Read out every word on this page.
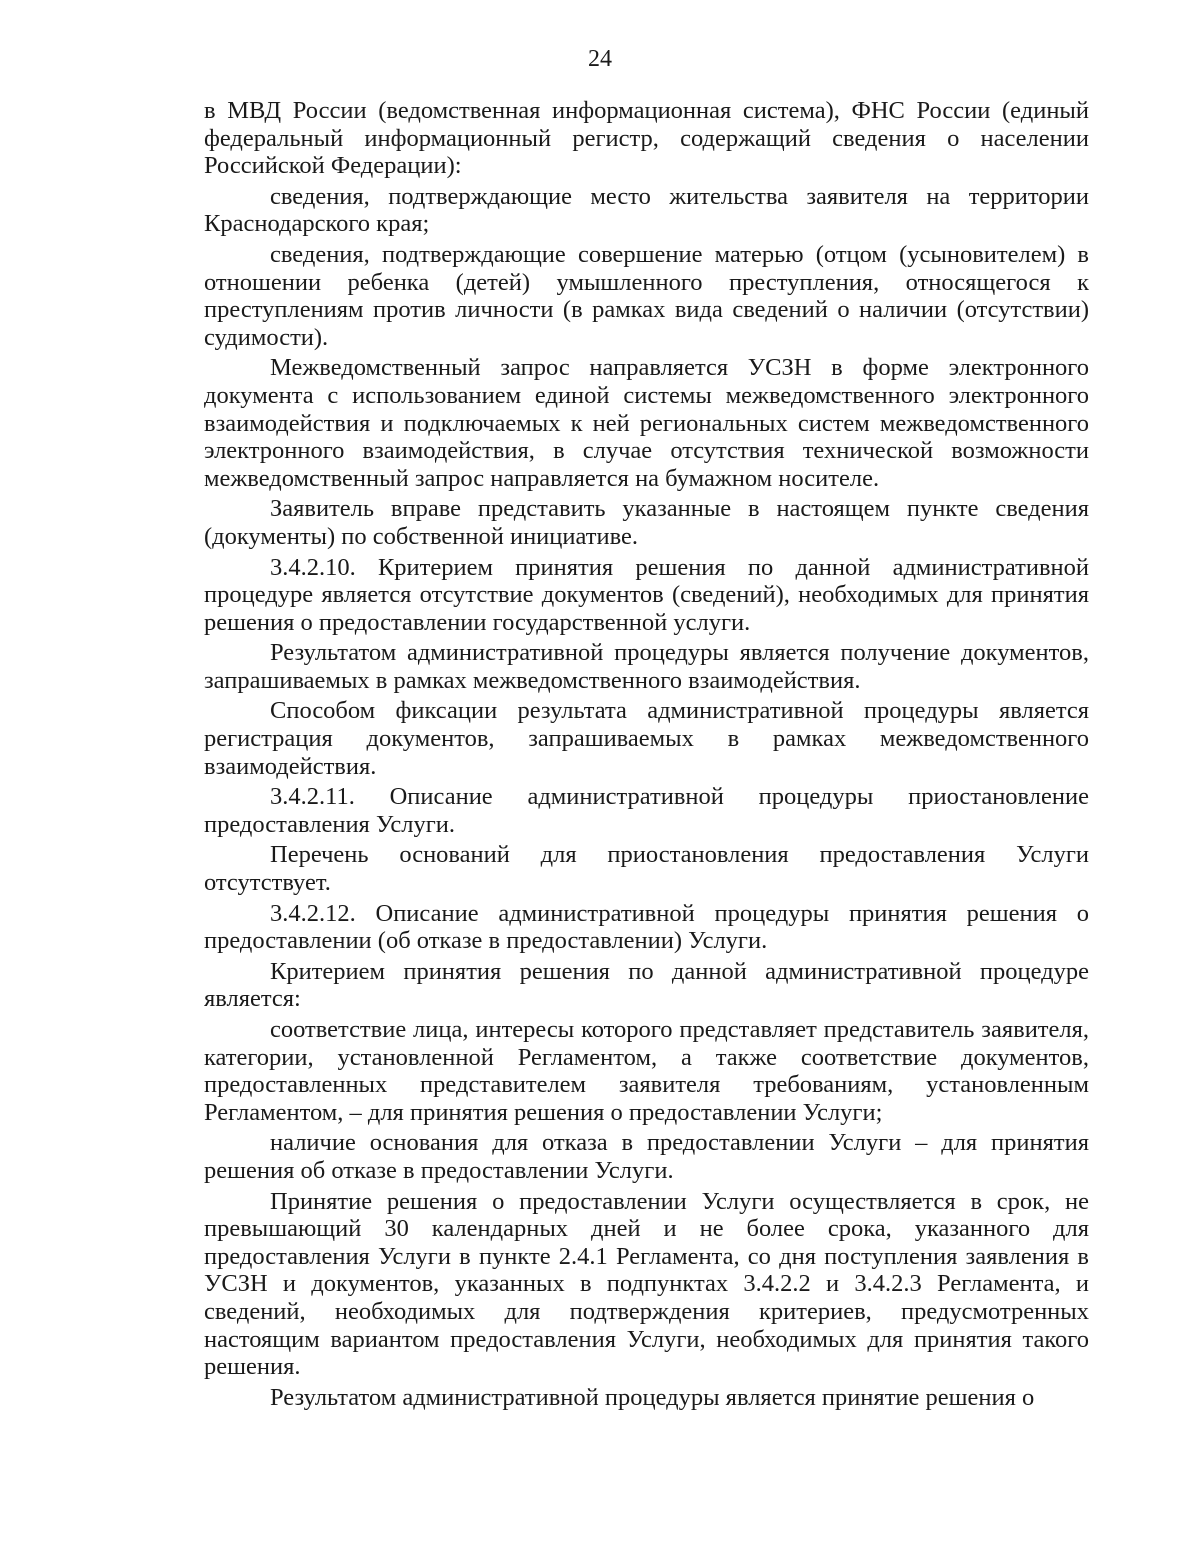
24

в МВД России (ведомственная информационная система), ФНС России (единый федеральный информационный регистр, содержащий сведения о населении Российской Федерации):

сведения, подтверждающие место жительства заявителя на территории Краснодарского края;

сведения, подтверждающие совершение матерью (отцом (усыновителем) в отношении ребенка (детей) умышленного преступления, относящегося к преступлениям против личности (в рамках вида сведений о наличии (отсутствии) судимости).

Межведомственный запрос направляется УСЗН в форме электронного документа с использованием единой системы межведомственного электронного взаимодействия и подключаемых к ней региональных систем межведомственного электронного взаимодействия, в случае отсутствия технической возможности межведомственный запрос направляется на бумажном носителе.

Заявитель вправе представить указанные в настоящем пункте сведения (документы) по собственной инициативе.

3.4.2.10. Критерием принятия решения по данной административной процедуре является отсутствие документов (сведений), необходимых для принятия решения о предоставлении государственной услуги.

Результатом административной процедуры является получение документов, запрашиваемых в рамках межведомственного взаимодействия.

Способом фиксации результата административной процедуры является регистрация документов, запрашиваемых в рамках межведомственного взаимодействия.

3.4.2.11. Описание административной процедуры приостановление предоставления Услуги.

Перечень оснований для приостановления предоставления Услуги отсутствует.

3.4.2.12. Описание административной процедуры принятия решения о предоставлении (об отказе в предоставлении) Услуги.

Критерием принятия решения по данной административной процедуре является:

соответствие лица, интересы которого представляет представитель заявителя, категории, установленной Регламентом, а также соответствие документов, предоставленных представителем заявителя требованиям, установленным Регламентом, – для принятия решения о предоставлении Услуги;

наличие основания для отказа в предоставлении Услуги – для принятия решения об отказе в предоставлении Услуги.

Принятие решения о предоставлении Услуги осуществляется в срок, не превышающий 30 календарных дней и не более срока, указанного для предоставления Услуги в пункте 2.4.1 Регламента, со дня поступления заявления в УСЗН и документов, указанных в подпунктах 3.4.2.2 и 3.4.2.3 Регламента, и сведений, необходимых для подтверждения критериев, предусмотренных настоящим вариантом предоставления Услуги, необходимых для принятия такого решения.

Результатом административной процедуры является принятие решения о
